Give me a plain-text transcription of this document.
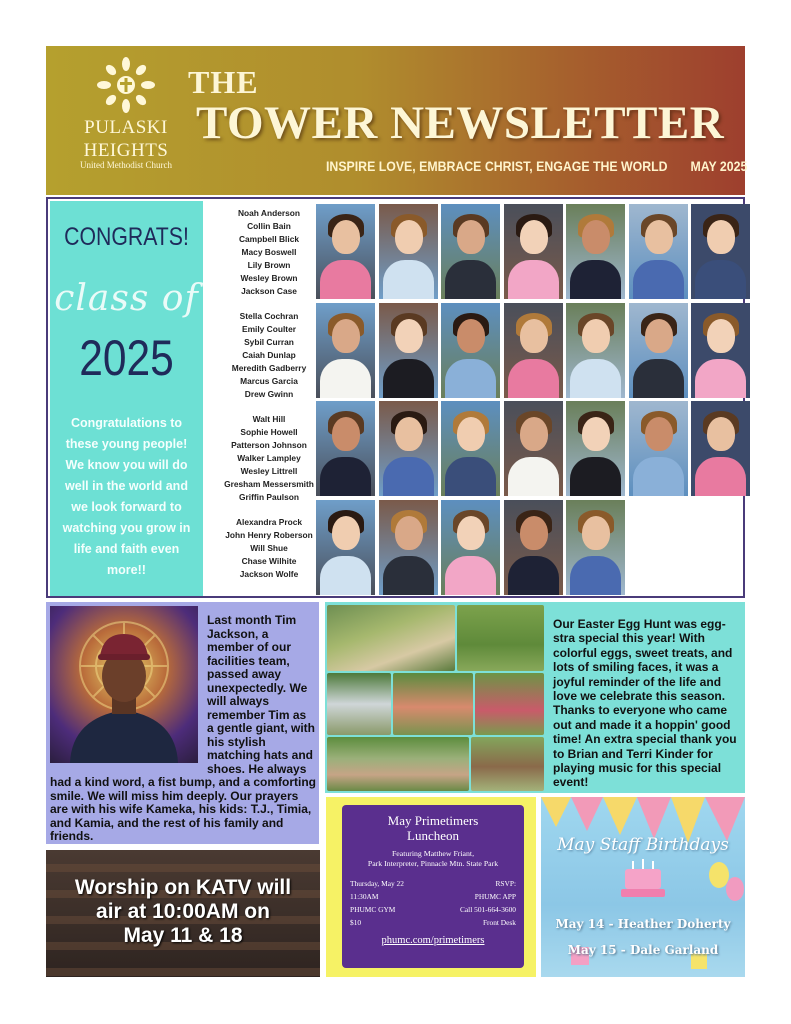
PULASKI
HEIGHTS
United Methodist Church
THE
TOWER NEWSLETTER
INSPIRE LOVE, EMBRACE CHRIST, ENGAGE THE WORLD MAY 2025
CONGRATS!
class of
2025
Congratulations to these young people! We know you will do well in the world and we look forward to watching you grow in life and faith even more!!
Noah Anderson
Collin Bain
Campbell Blick
Macy Boswell
Lily Brown
Wesley Brown
Jackson Case
Stella Cochran
Emily Coulter
Sybil Curran
Caiah Dunlap
Meredith Gadberry
Marcus Garcia
Drew Gwinn
Walt Hill
Sophie Howell
Patterson Johnson
Walker Lampley
Wesley Littrell
Gresham Messersmith
Griffin Paulson
Alexandra Prock
John Henry Roberson
Will Shue
Chase Wilhite
Jackson Wolfe
Last month Tim Jackson, a member of our facilities team, passed away unexpectedly. We will always remember Tim as a gentle giant, with his stylish matching hats and shoes. He always had a kind word, a fist bump, and a comforting smile. We will miss him deeply. Our prayers are with his wife Kameka, his kids: T.J., Timia, and Kamia, and the rest of his family and friends.
Our Easter Egg Hunt was egg-stra special this year! With colorful eggs, sweet treats, and lots of smiling faces, it was a joyful reminder of the life and love we celebrate this season. Thanks to everyone who came out and made it a hoppin' good time! An extra special thank you to Brian and Terri Kinder for playing music for this special event!
Worship on KATV will
air at 10:00AM on
May 11 & 18
May Primetimers
Luncheon
Featuring Matthew Friant,
Park Interpreter, Pinnacle Mtn. State Park
Thursday, May 22	RSVP:
11:30AM	PHUMC APP
PHUMC GYM	Call 501-664-3600
$10	Front Desk
phumc.com/primetimers
May Staff Birthdays
May 14 - Heather Doherty
May 15 - Dale Garland
